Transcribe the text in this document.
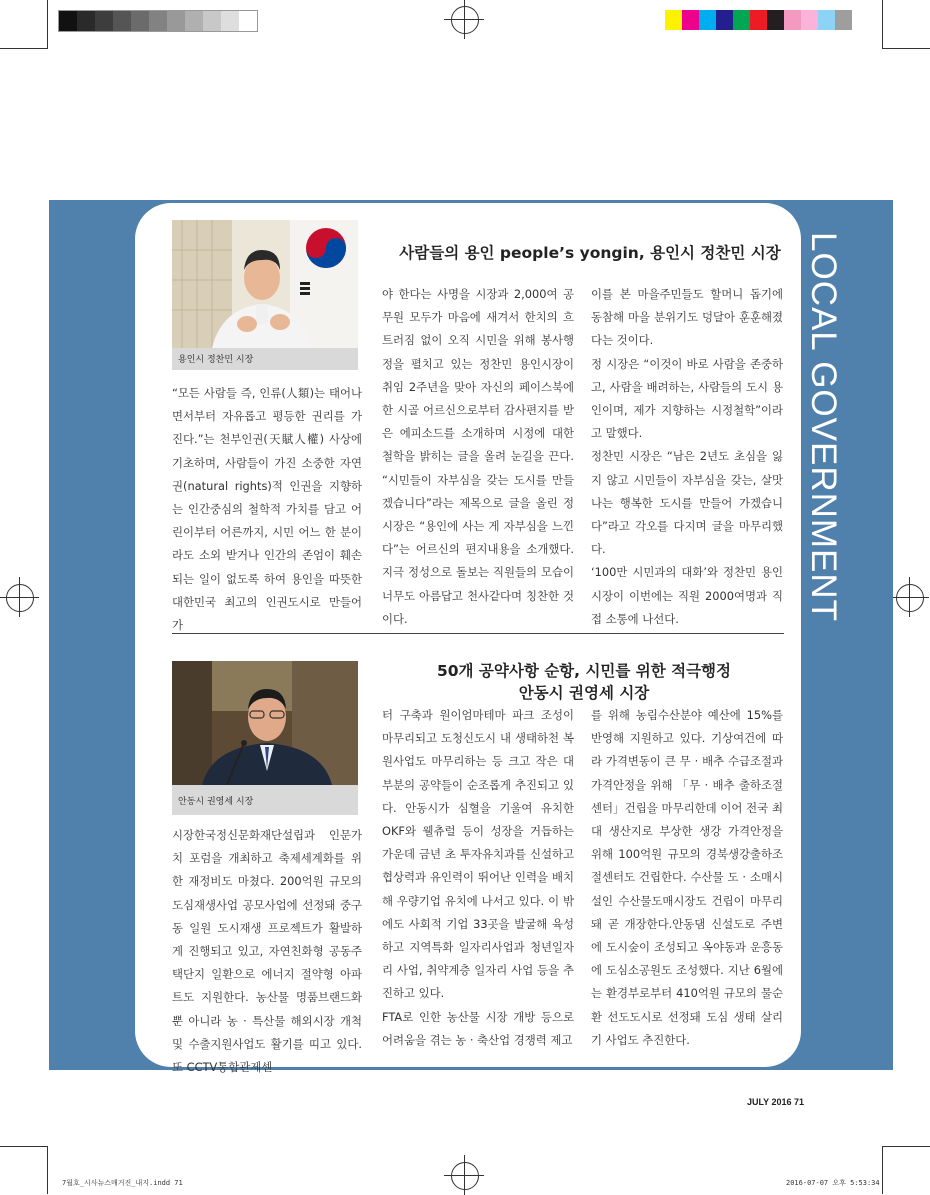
LOCAL GOVERNMENT
용인시 정찬민 시장
사람들의 용인 people’s yongin, 용인시 정찬민 시장

“모든 사람들 즉, 인류(人類)는 태어나면서부터 자유롭고 평등한 권리를 가진다.”는 천부인권(天賦人權) 사상에 기초하며, 사람들이 가진 소중한 자연권(natural rights)적 인권을 지향하는 인간중심의 철학적 가치를 담고 어린이부터 어른까지, 시민 어느 한 분이라도 소외 받거나 인간의 존엄이 훼손되는 일이 없도록 하여 용인을 따뜻한 대한민국 최고의 인권도시로 만들어 가

야 한다는 사명을 시장과 2,000여 공무원 모두가 마음에 새겨서 한치의 흐트러짐 없이 오직 시민을 위해 봉사행정을 펼치고 있는 정찬민 용인시장이 취임 2주년을 맞아 자신의 페이스북에 한 시골 어르신으로부터 감사편지를 받은 에피소드를 소개하며 시정에 대한 철학을 밝히는 글을 올려 눈길을 끈다. “시민들이 자부심을 갖는 도시를 만들겠습니다”라는 제목으로 글을 올린 정 시장은 “용인에 사는 게 자부심을 느낀다”는 어르신의 편지내용을 소개했다. 지극 정성으로 돌보는 직원들의 모습이 너무도 아름답고 천사같다며 칭찬한 것이다.

이를 본 마을주민들도 할머니 돕기에 동참해 마을 분위기도 덩달아 훈훈해졌다는 것이다.

정 시장은 “이것이 바로 사람을 존중하고, 사람을 배려하는, 사람들의 도시 용인이며, 제가 지향하는 시정철학”이라고 말했다.

정찬민 시장은 “남은 2년도 초심을 잃지 않고 시민들이 자부심을 갖는, 살맛 나는 행복한 도시를 만들어 가겠습니다”라고 각오를 다지며 글을 마무리했다.

‘100만 시민과의 대화’와 정찬민 용인시장이 이번에는 직원 2000여명과 직접 소통에 나선다.

안동시 권영세 시장
50개 공약사항 순항, 시민를 위한 적극행정
안동시 권영세 시장

시장한국정신문화재단설립과 인문가치 포럼을 개최하고 축제세계화를 위한 재정비도 마쳤다. 200억원 규모의 도심재생사업 공모사업에 선정돼 중구동 일원 도시재생 프로젝트가 활발하게 진행되고 있고, 자연친화형 공동주택단지 일환으로 에너지 절약형 아파트도 지원한다. 농산물 명품브랜드화 뿐 아니라 농 · 특산물 해외시장 개척 및 수출지원사업도 활기를 띠고 있다. 또 CCTV통합관제센

터 구축과 원이엄마테마 파크 조성이 마무리되고 도청신도시 내 생태하천 복원사업도 마무리하는 등 크고 작은 대부분의 공약들이 순조롭게 추진되고 있다. 안동시가 심혈을 기울여 유치한 OKF와 웰츄럴 등이 성장을 거듭하는 가운데 금년 초 투자유치과를 신설하고 협상력과 유인력이 뛰어난 인력을 배치해 우량기업 유치에 나서고 있다. 이 밖에도 사회적 기업 33곳을 발굴해 육성하고 지역특화 일자리사업과 청년일자리 사업, 취약계층 일자리 사업 등을 추진하고 있다.

FTA로 인한 농산물 시장 개방 등으로 어려움을 겪는 농 · 축산업 경쟁력 제고

를 위해 농림수산분야 예산에 15%를 반영해 지원하고 있다. 기상여건에 따라 가격변동이 큰 무 · 배추 수급조절과 가격안정을 위해 「무 · 배추 출하조절센터」건립을 마무리한데 이어 전국 최대 생산지로 부상한 생강 가격안정을 위해 100억원 규모의 경북생강출하조절센터도 건립한다. 수산물 도 · 소매시설인 수산물도매시장도 건립이 마무리돼 곧 개장한다.안동댐 신설도로 주변에 도시숲이 조성되고 옥야동과 운흥동에 도심소공원도 조성했다. 지난 6월에는 환경부로부터 410억원 규모의 물순환 선도도시로 선정돼 도심 생태 살리기 사업도 추진한다.

JULY 2016 71
7월호_시사뉴스매거진_내지.indd 71	2016-07-07 오후 5:53:34
